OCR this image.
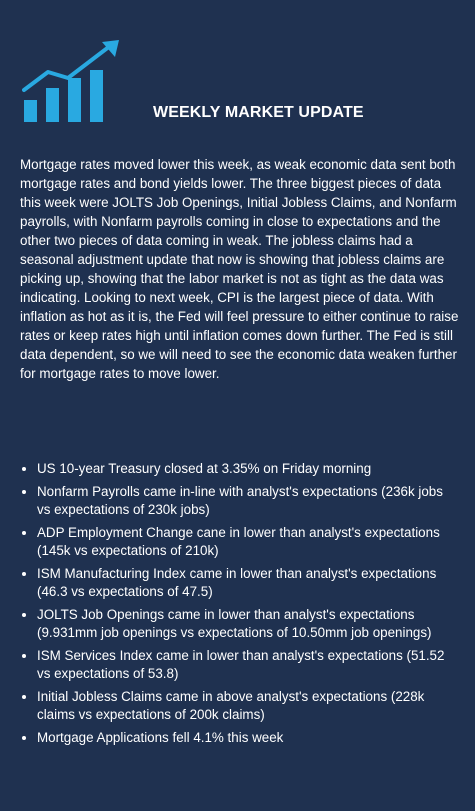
WEEKLY MARKET UPDATE

Mortgage rates moved lower this week, as weak economic data sent both mortgage rates and bond yields lower. The three biggest pieces of data this week were JOLTS Job Openings, Initial Jobless Claims, and Nonfarm payrolls, with Nonfarm payrolls coming in close to expectations and the other two pieces of data coming in weak. The jobless claims had a seasonal adjustment update that now is showing that jobless claims are picking up, showing that the labor market is not as tight as the data was indicating. Looking to next week, CPI is the largest piece of data. With inflation as hot as it is, the Fed will feel pressure to either continue to raise rates or keep rates high until inflation comes down further. The Fed is still data dependent, so we will need to see the economic data weaken further for mortgage rates to move lower.

US 10-year Treasury closed at 3.35% on Friday morning
Nonfarm Payrolls came in-line with analyst's expectations (236k jobs vs expectations of 230k jobs)
ADP Employment Change cane in lower than analyst's expectations (145k vs expectations of 210k)
ISM Manufacturing Index came in lower than analyst's expectations (46.3 vs expectations of 47.5)
JOLTS Job Openings came in lower than analyst's expectations (9.931mm job openings vs expectations of 10.50mm job openings)
ISM Services Index came in lower than analyst's expectations (51.52 vs expectations of 53.8)
Initial Jobless Claims came in above analyst's expectations (228k claims vs expectations of 200k claims)
Mortgage Applications fell 4.1% this week
